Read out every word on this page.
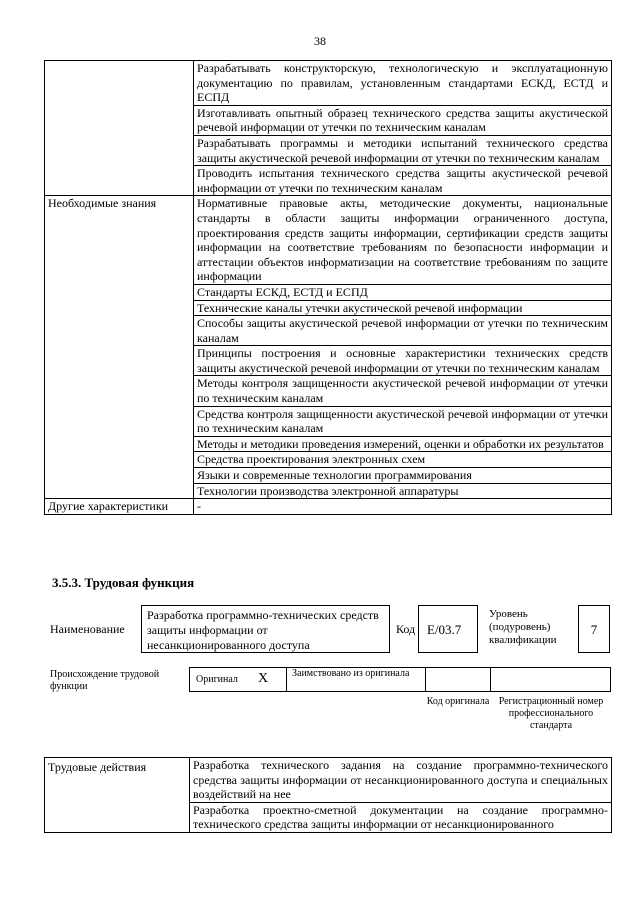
38
	Разрабатывать конструкторскую, технологическую и эксплуатационную документацию по правилам, установленным стандартами ЕСКД, ЕСТД и ЕСПД
	Изготавливать опытный образец технического средства защиты акустической речевой информации от утечки по техническим каналам
	Разрабатывать программы и методики испытаний технического средства защиты акустической речевой информации от утечки по техническим каналам
	Проводить испытания технического средства защиты акустической речевой информации от утечки по техническим каналам
Необходимые знания	Нормативные правовые акты, методические документы, национальные стандарты в области защиты информации ограниченного доступа, проектирования средств защиты информации, сертификации средств защиты информации на соответствие требованиям по безопасности информации и аттестации объектов информатизации на соответствие требованиям по защите информации
	Стандарты ЕСКД, ЕСТД и ЕСПД
	Технические каналы утечки акустической речевой информации
	Способы защиты акустической речевой информации от утечки по техническим каналам
	Принципы построения и основные характеристики технических средств защиты акустической речевой информации от утечки по техническим каналам
	Методы контроля защищенности акустической речевой информации от утечки по техническим каналам
	Средства контроля защищенности акустической речевой информации от утечки по техническим каналам
	Методы и методики проведения измерений, оценки и обработки их результатов
	Средства проектирования электронных схем
	Языки и современные технологии программирования
	Технологии производства электронной аппаратуры
Другие характеристики	-
3.5.3. Трудовая функция
Наименование
Разработка программно-технических средств защиты информации от несанкционированного доступа
Код E/03.7
Уровень (подуровень) квалификации
7
Происхождение трудовой функции
Оригинал X Заимствовано из оригинала
Код оригинала Регистрационный номер профессионального стандарта
Трудовые действия	Разработка технического задания на создание программно-технического средства защиты информации от несанкционированного доступа и специальных воздействий на нее
Разработка проектно-сметной документации на создание программно-технического средства защиты информации от несанкционированного
